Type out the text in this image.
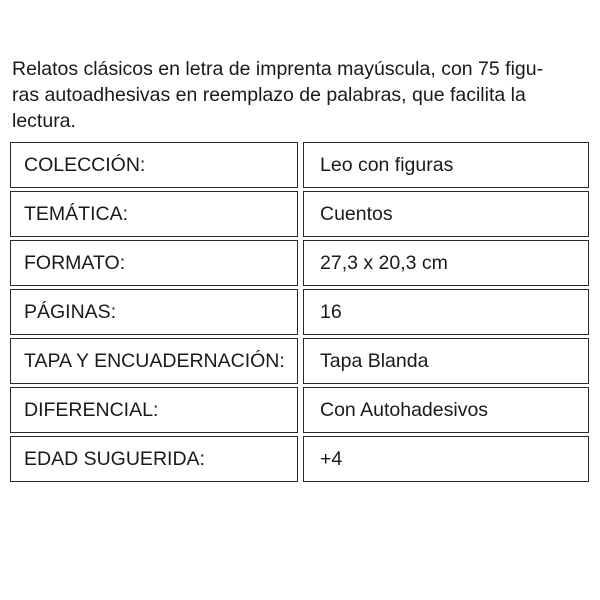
Relatos clásicos en letra de imprenta mayúscula, con 75 figu-
ras autoadhesivas en reemplazo de palabras, que facilita la
lectura.

COLECCIÓN:	Leo con figuras
TEMÁTICA:	Cuentos
FORMATO:	27,3 x 20,3 cm
PÁGINAS:	16
TAPA Y ENCUADERNACIÓN:	Tapa Blanda
DIFERENCIAL:	Con Autohadesivos
EDAD SUGUERIDA:	+4
